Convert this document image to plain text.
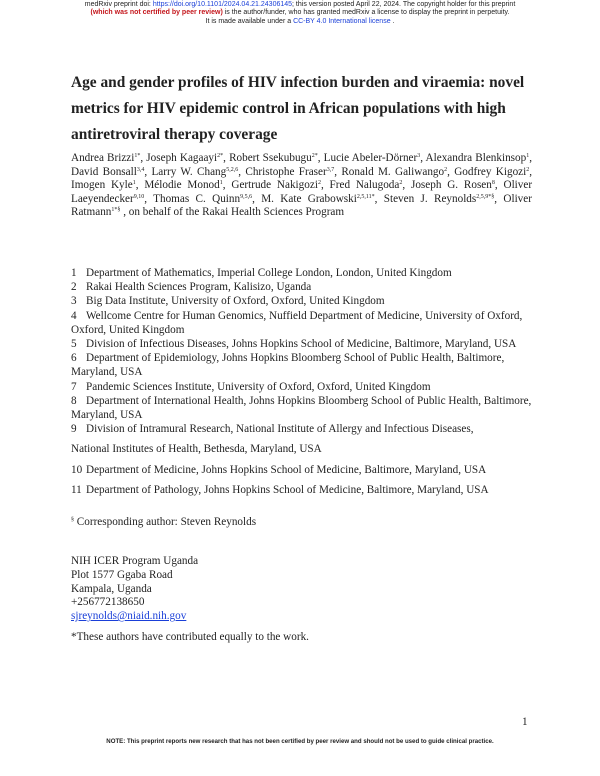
medRxiv preprint doi: https://doi.org/10.1101/2024.04.21.24306145; this version posted April 22, 2024. The copyright holder for this preprint
(which was not certified by peer review) is the author/funder, who has granted medRxiv a license to display the preprint in perpetuity.
It is made available under a CC-BY 4.0 International license .
Age and gender profiles of HIV infection burden and viraemia: novel metrics for HIV epidemic control in African populations with high antiretroviral therapy coverage
Andrea Brizzi$^{1*}$, Joseph Kagaayi$^{2*}$, Robert Ssekubugu$^{2*}$, Lucie Abeler-Dörner$^3$, Alexandra Blenkinsop$^1$, David Bonsall$^{3,4}$, Larry W. Chang$^{5,2,6}$, Christophe Fraser$^{3,7}$, Ronald M. Galiwango$^2$, Godfrey Kigozi$^2$, Imogen Kyle$^1$, Mélodie Monod$^1$, Gertrude Nakigozi$^2$, Fred Nalugoda$^2$, Joseph G. Rosen$^8$, Oliver Laeyendecker$^{9,10}$, Thomas C. Quinn$^{9,5,6}$, M. Kate Grabowski$^{2,5,11*}$, Steven J. Reynolds$^{2,5,9*\S}$, Oliver Ratmann$^{1*\S}$ , on behalf of the Rakai Health Sciences Program

1 Department of Mathematics, Imperial College London, London, United Kingdom

2 Rakai Health Sciences Program, Kalisizo, Uganda

3 Big Data Institute, University of Oxford, Oxford, United Kingdom

4 Wellcome Centre for Human Genomics, Nuffield Department of Medicine, University of Oxford, Oxford, United Kingdom

5 Division of Infectious Diseases, Johns Hopkins School of Medicine, Baltimore, Maryland, USA

6 Department of Epidemiology, Johns Hopkins Bloomberg School of Public Health, Baltimore, Maryland, USA

7 Pandemic Sciences Institute, University of Oxford, Oxford, United Kingdom

8 Department of International Health, Johns Hopkins Bloomberg School of Public Health, Baltimore, Maryland, USA

9 Division of Intramural Research, National Institute of Allergy and Infectious Diseases,

National Institutes of Health, Bethesda, Maryland, USA

10 Department of Medicine, Johns Hopkins School of Medicine, Baltimore, Maryland, USA

11 Department of Pathology, Johns Hopkins School of Medicine, Baltimore, Maryland, USA

§ Corresponding author: Steven Reynolds
NIH ICER Program Uganda
Plot 1577 Ggaba Road
Kampala, Uganda
+256772138650
sjreynolds@niaid.nih.gov
*These authors have contributed equally to the work.
1
NOTE: This preprint reports new research that has not been certified by peer review and should not be used to guide clinical practice.
